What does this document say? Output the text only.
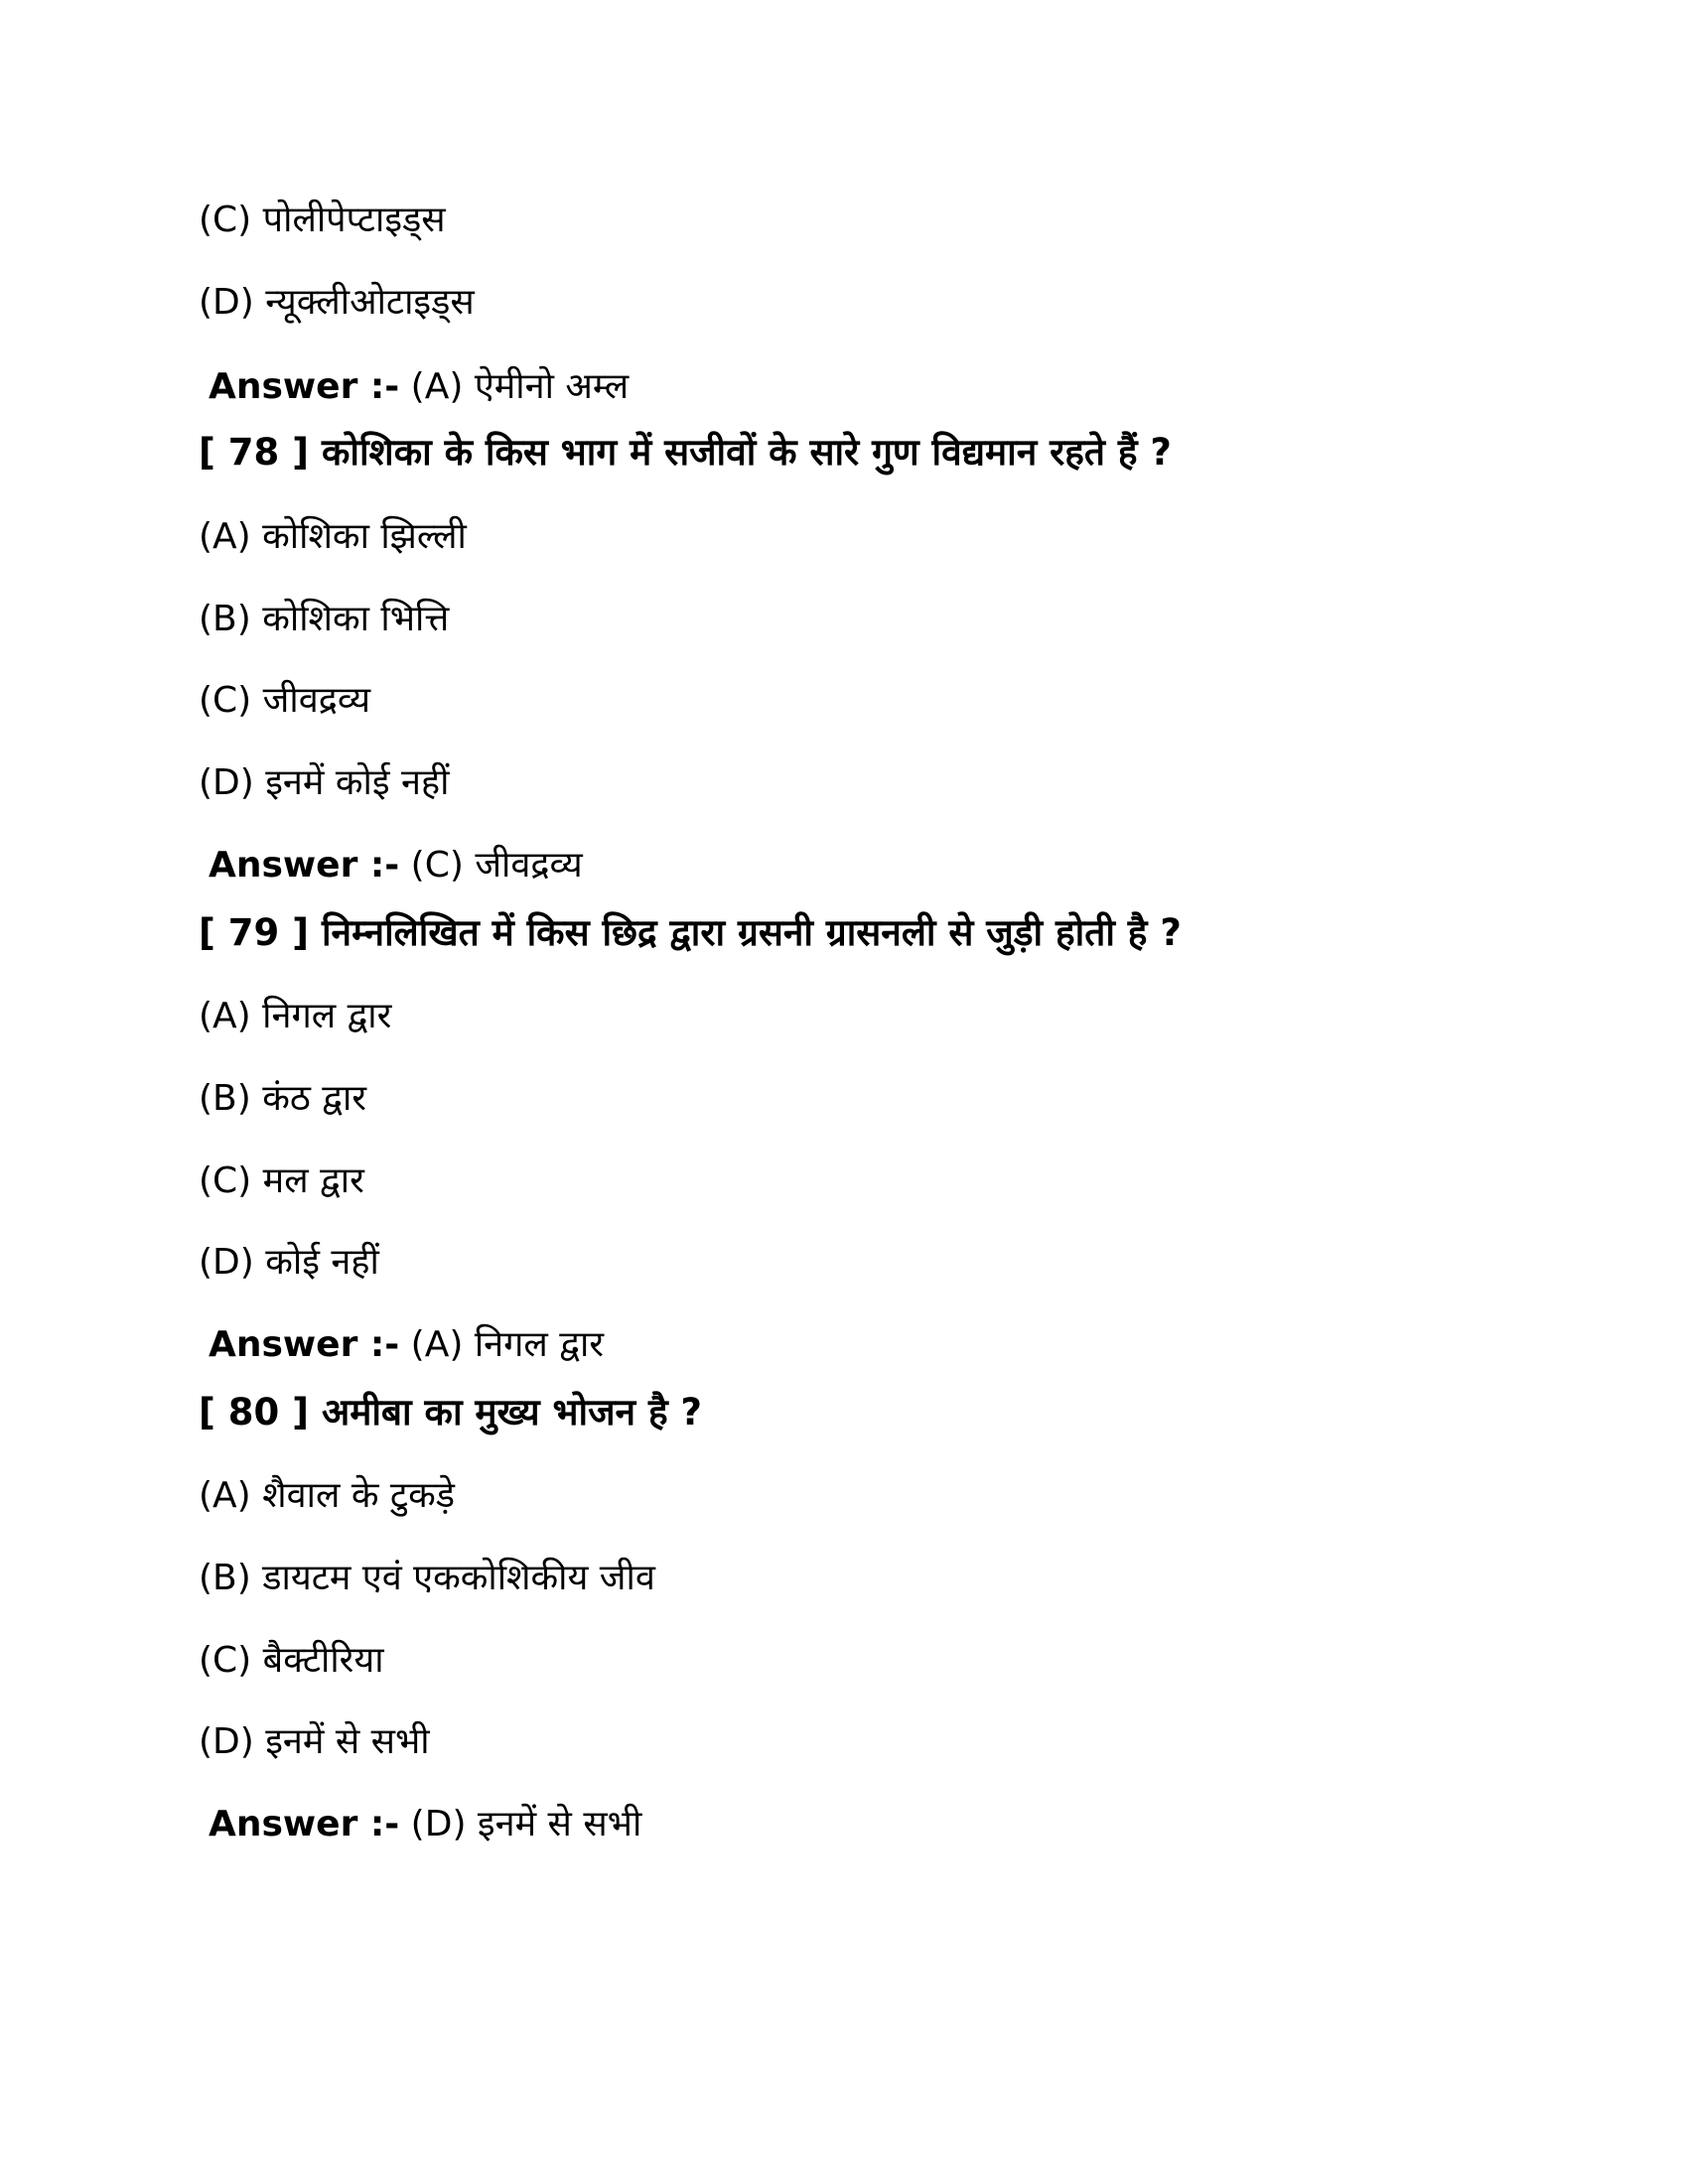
(C) पोलीपेप्टाइड्स
(D) न्यूक्लीओटाइड्स
Answer :- (A) ऐमीनो अम्ल
[ 78 ] कोशिका के किस भाग में सजीवों के सारे गुण विद्यमान रहते हैं ?
(A) कोशिका झिल्ली
(B) कोशिका भित्ति
(C) जीवद्रव्य
(D) इनमें कोई नहीं
Answer :- (C) जीवद्रव्य
[ 79 ] निम्नलिखित में किस छिद्र द्वारा ग्रसनी ग्रासनली से जुड़ी होती है ?
(A) निगल द्वार
(B) कंठ द्वार
(C) मल द्वार
(D) कोई नहीं
Answer :- (A) निगल द्वार
[ 80 ] अमीबा का मुख्य भोजन है ?
(A) शैवाल के टुकड़े
(B) डायटम एवं एककोशिकीय जीव
(C) बैक्टीरिया
(D) इनमें से सभी
Answer :- (D) इनमें से सभी
